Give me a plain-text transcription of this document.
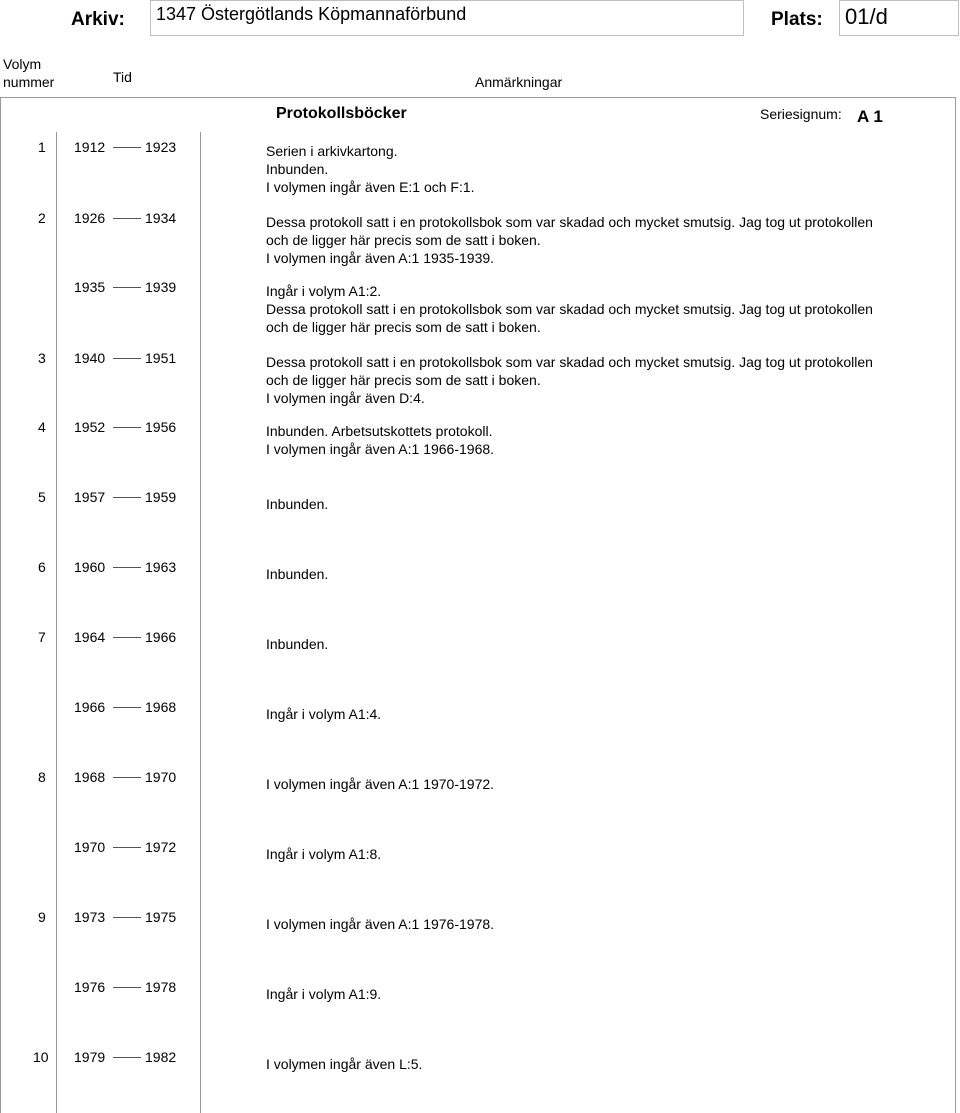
Arkiv: 1347 Östergötlands Köpmannaförbund	Plats: 01/d
Volym
nummer	Tid	Anmärkningar
Protokollsböcker	Seriesignum: A 1
1 1912	1923	Serien i arkivkartong.
Inbunden.
I volymen ingår även E:1 och F:1.
2 1926	1934	Dessa protokoll satt i en protokollsbok som var skadad och mycket smutsig. Jag tog ut protokollen
och de ligger här precis som de satt i boken.
I volymen ingår även A:1 1935-1939.
1935	1939	Ingår i volym A1:2.
Dessa protokoll satt i en protokollsbok som var skadad och mycket smutsig. Jag tog ut protokollen
och de ligger här precis som de satt i boken.
3 1940	1951	Dessa protokoll satt i en protokollsbok som var skadad och mycket smutsig. Jag tog ut protokollen
och de ligger här precis som de satt i boken.
I volymen ingår även D:4.
4 1952	1956	Inbunden. Arbetsutskottets protokoll.
I volymen ingår även A:1 1966-1968.
5 1957	1959	Inbunden.
6 1960	1963	Inbunden.
7 1964	1966	Inbunden.
1966	1968	Ingår i volym A1:4.
8 1968	1970	I volymen ingår även A:1 1970-1972.
1970	1972	Ingår i volym A1:8.
9 1973	1975	I volymen ingår även A:1 1976-1978.
1976	1978	Ingår i volym A1:9.
10 1979	1982	I volymen ingår även L:5.
